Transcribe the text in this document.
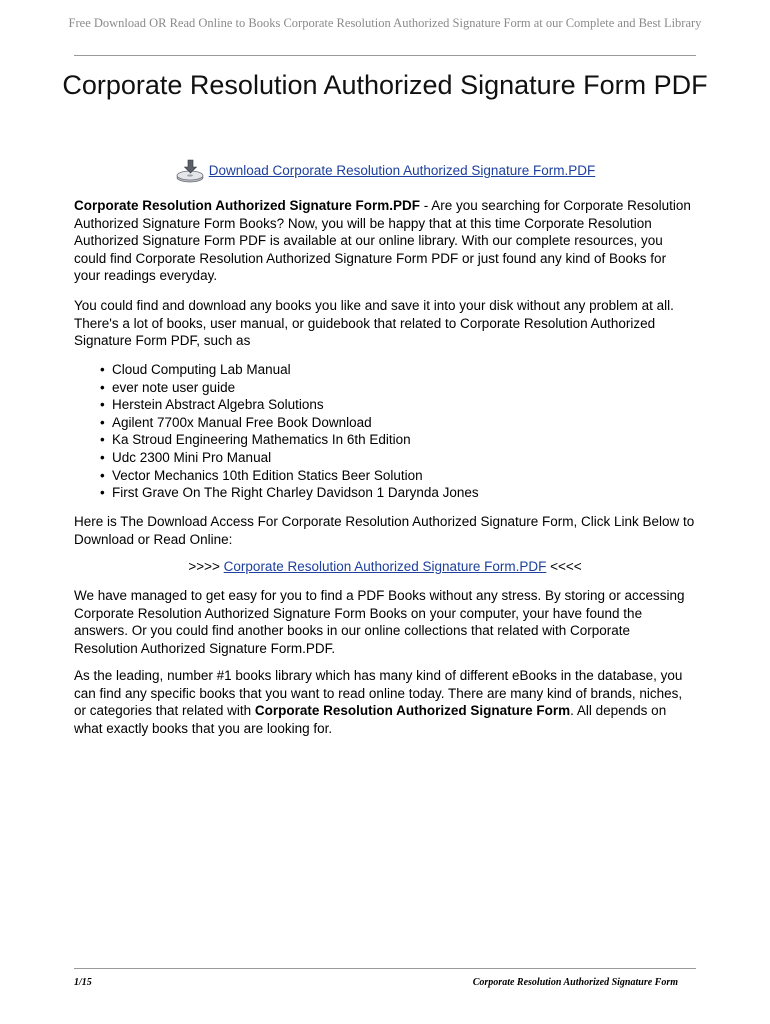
Free Download OR Read Online to Books Corporate Resolution Authorized Signature Form at our Complete and Best Library
Corporate Resolution Authorized Signature Form PDF
Download Corporate Resolution Authorized Signature Form.PDF

Corporate Resolution Authorized Signature Form.PDF - Are you searching for Corporate Resolution Authorized Signature Form Books? Now, you will be happy that at this time Corporate Resolution Authorized Signature Form PDF is available at our online library. With our complete resources, you could find Corporate Resolution Authorized Signature Form PDF or just found any kind of Books for your readings everyday.

You could find and download any books you like and save it into your disk without any problem at all. There's a lot of books, user manual, or guidebook that related to Corporate Resolution Authorized Signature Form PDF, such as

• Cloud Computing Lab Manual
• ever note user guide
• Herstein Abstract Algebra Solutions
• Agilent 7700x Manual Free Book Download
• Ka Stroud Engineering Mathematics In 6th Edition
• Udc 2300 Mini Pro Manual
• Vector Mechanics 10th Edition Statics Beer Solution
• First Grave On The Right Charley Davidson 1 Darynda Jones

Here is The Download Access For Corporate Resolution Authorized Signature Form, Click Link Below to Download or Read Online:

>>>> Corporate Resolution Authorized Signature Form.PDF <<<<

We have managed to get easy for you to find a PDF Books without any stress. By storing or accessing Corporate Resolution Authorized Signature Form Books on your computer, your have found the answers. Or you could find another books in our online collections that related with Corporate Resolution Authorized Signature Form.PDF.

As the leading, number #1 books library which has many kind of different eBooks in the database, you can find any specific books that you want to read online today. There are many kind of brands, niches, or categories that related with Corporate Resolution Authorized Signature Form. All depends on what exactly books that you are looking for.

1/15	Corporate Resolution Authorized Signature Form
